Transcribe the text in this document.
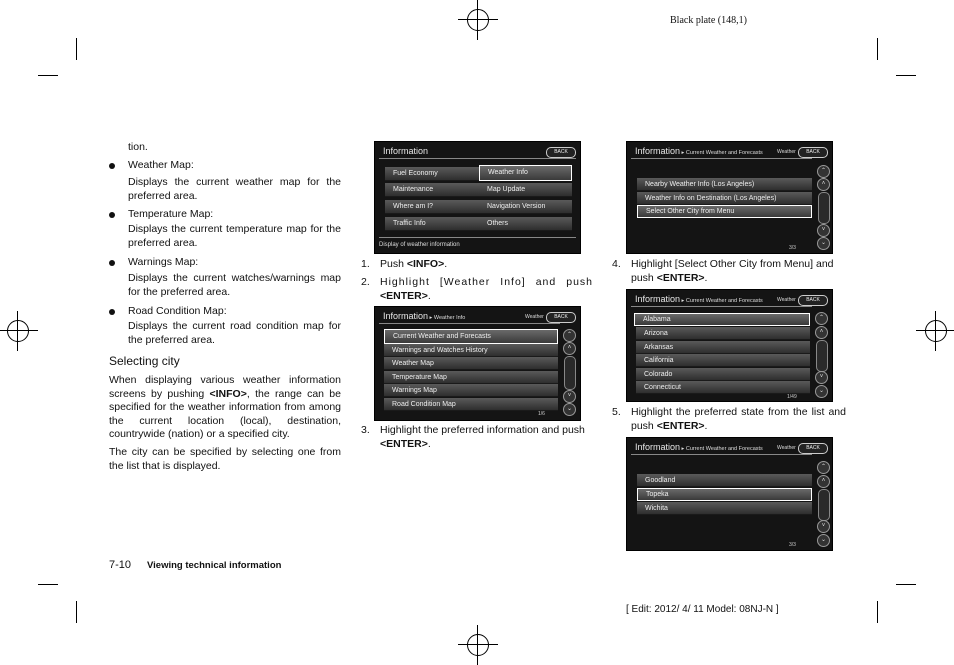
Black plate (148,1)
tion.
Weather Map:
Displays the current weather map for the preferred area.
Temperature Map:
Displays the current temperature map for the preferred area.
Warnings Map:
Displays the current watches/warnings map for the preferred area.
Road Condition Map:
Displays the current road condition map for the preferred area.
Selecting city
When displaying various weather information screens by pushing <INFO>, the range can be specified for the weather information from among the current location (local), destination, countrywide (nation) or a specified city.
The city can be specified by selecting one from the list that is displayed.
7-10 Viewing technical information
[ Edit: 2012/ 4/ 11 Model: 08NJ-N ]
Information	BACK
Fuel Economy
Maintenance
Where am I?
Traffic Info
Weather Info
Map Update
Navigation Version
Others
Display of weather information
1. Push <INFO>.
2. Highlight [Weather Info] and push
<ENTER>.
Information ▸ Weather Info	Weather	BACK
Current Weather and Forecasts
Warnings and Watches History
Weather Map
Temperature Map
Warnings Map
Road Condition Map
⌃
˄
˅
⌄
1/6
3. Highlight the preferred information and push
<ENTER>.
Information ▸ Current Weather and Forecasts	Weather	BACK
Nearby Weather Info (Los Angeles)
Weather Info on Destination (Los Angeles)
Select Other City from Menu
⌃
˄
˅
⌄
3/3
4. Highlight [Select Other City from Menu] and push <ENTER>.
Information ▸ Current Weather and Forecasts	Weather	BACK
Alabama
Arizona
Arkansas
California
Colorado
Connecticut
⌃
˄
˅
⌄
1/49
5. Highlight the preferred state from the list and push <ENTER>.
Information ▸ Current Weather and Forecasts	Weather	BACK
Goodland
Topeka
Wichita
⌃
˄
˅
⌄
3/3
